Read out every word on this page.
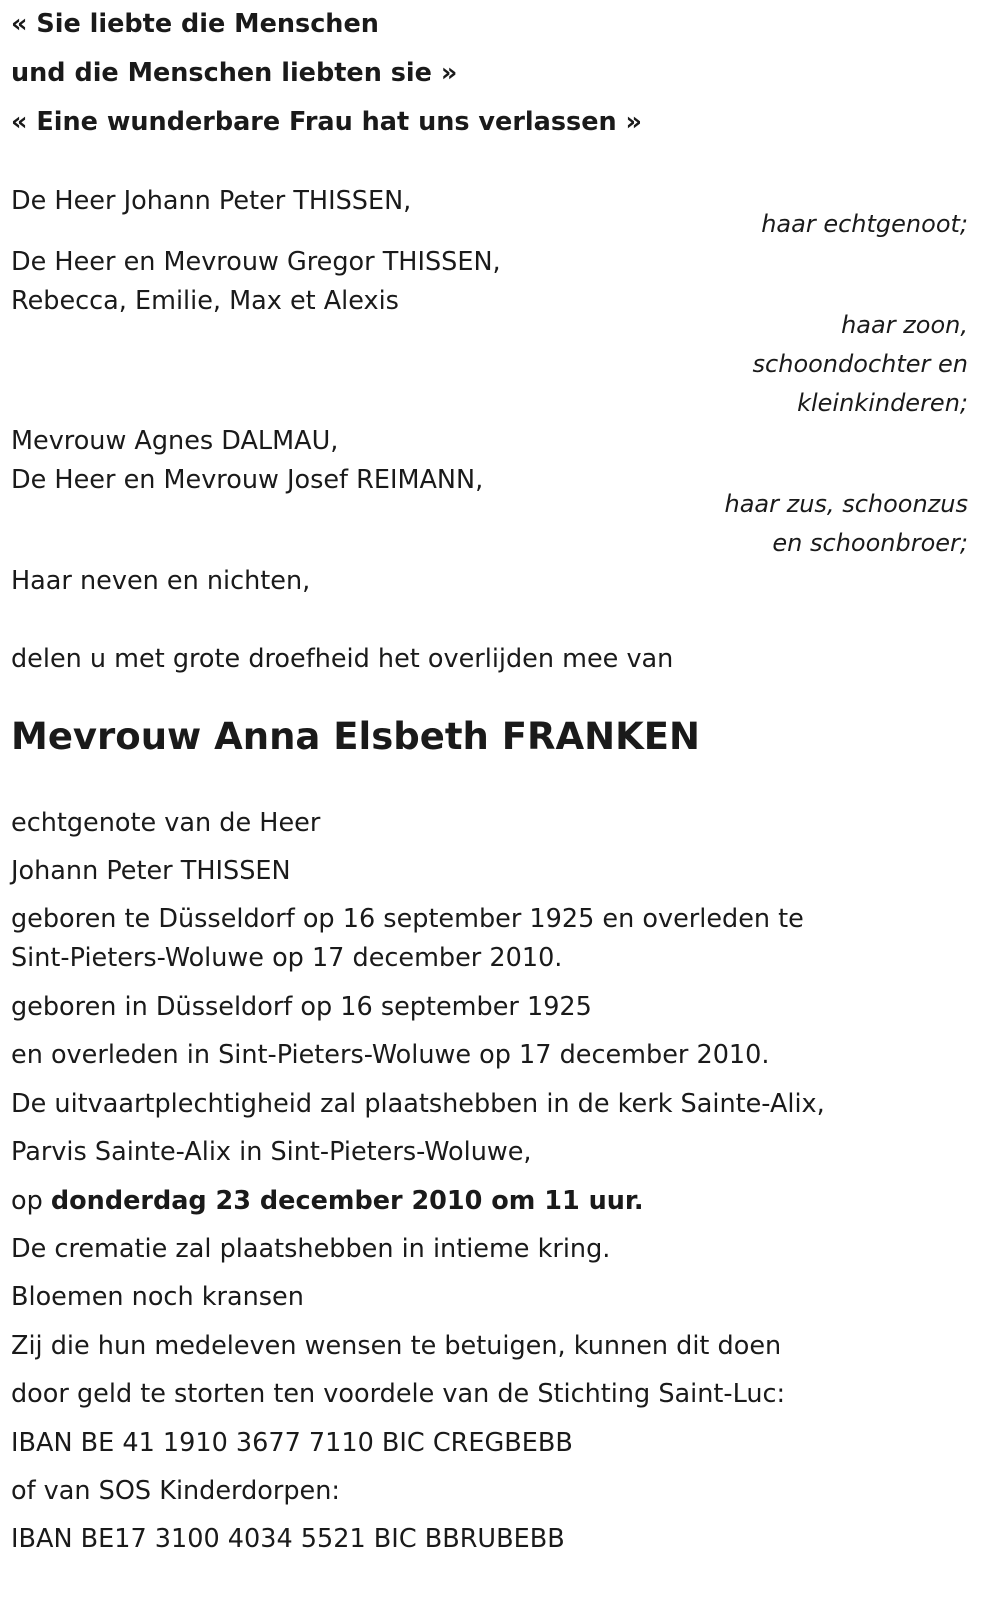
« Sie liebte die Menschen
und die Menschen liebten sie »
« Eine wunderbare Frau hat uns verlassen »
De Heer Johann Peter THISSEN,
haar echtgenoot;
De Heer en Mevrouw Gregor THISSEN,
Rebecca, Emilie, Max et Alexis
haar zoon,
schoondochter en
kleinkinderen;
Mevrouw Agnes DALMAU,
De Heer en Mevrouw Josef REIMANN,
haar zus, schoonzus
en schoonbroer;
Haar neven en nichten,
delen u met grote droefheid het overlijden mee van
Mevrouw Anna Elsbeth FRANKEN
echtgenote van de Heer
Johann Peter THISSEN
geboren te Düsseldorf op 16 september 1925 en overleden te
Sint-Pieters-Woluwe op 17 december 2010.
geboren in Düsseldorf op 16 september 1925
en overleden in Sint-Pieters-Woluwe op 17 december 2010.
De uitvaartplechtigheid zal plaatshebben in de kerk Sainte-Alix,
Parvis Sainte-Alix in Sint-Pieters-Woluwe,
op donderdag 23 december 2010 om 11 uur.
De crematie zal plaatshebben in intieme kring.
Bloemen noch kransen
Zij die hun medeleven wensen te betuigen, kunnen dit doen
door geld te storten ten voordele van de Stichting Saint-Luc:
IBAN BE 41 1910 3677 7110 BIC CREGBEBB
of van SOS Kinderdorpen:
IBAN BE17 3100 4034 5521 BIC BBRUBEBB
